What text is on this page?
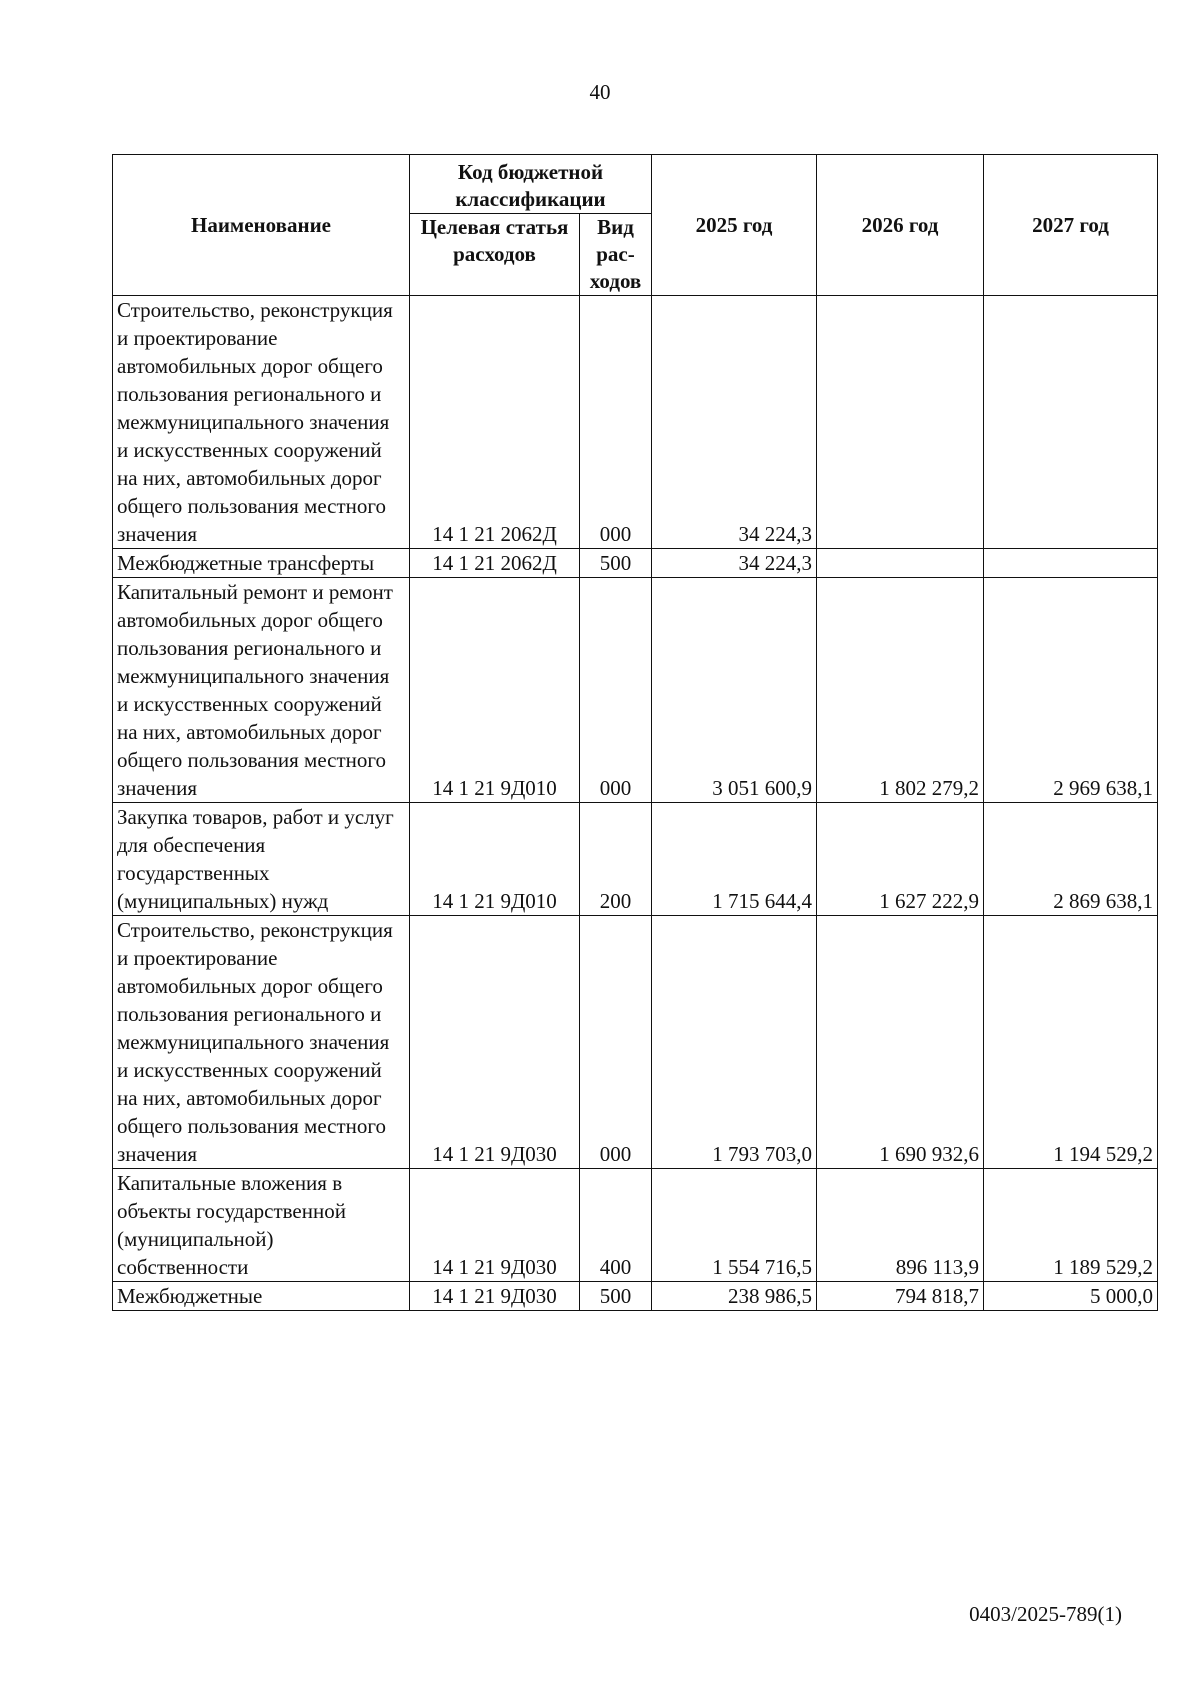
40
Наименование	Код бюджетной классификации		2025 год	2026 год	2027 год
	Целевая статья расходов	Вид рас-ходов			
Строительство, реконструкция и проектирование автомобильных дорог общего пользования регионального и межмуниципального значения и искусственных сооружений на них, автомобильных дорог общего пользования местного значения	14 1 21 2062Д	000	34 224,3		
Межбюджетные трансферты	14 1 21 2062Д	500	34 224,3		
Капитальный ремонт и ремонт автомобильных дорог общего пользования регионального и межмуниципального значения и искусственных сооружений на них, автомобильных дорог общего пользования местного значения	14 1 21 9Д010	000	3 051 600,9	1 802 279,2	2 969 638,1
Закупка товаров, работ и услуг для обеспечения государственных (муниципальных) нужд	14 1 21 9Д010	200	1 715 644,4	1 627 222,9	2 869 638,1
Строительство, реконструкция и проектирование автомобильных дорог общего пользования регионального и межмуниципального значения и искусственных сооружений на них, автомобильных дорог общего пользования местного значения	14 1 21 9Д030	000	1 793 703,0	1 690 932,6	1 194 529,2
Капитальные вложения в объекты государственной (муниципальной) собственности	14 1 21 9Д030	400	1 554 716,5	896 113,9	1 189 529,2
Межбюджетные	14 1 21 9Д030	500	238 986,5	794 818,7	5 000,0
0403/2025-789(1)
